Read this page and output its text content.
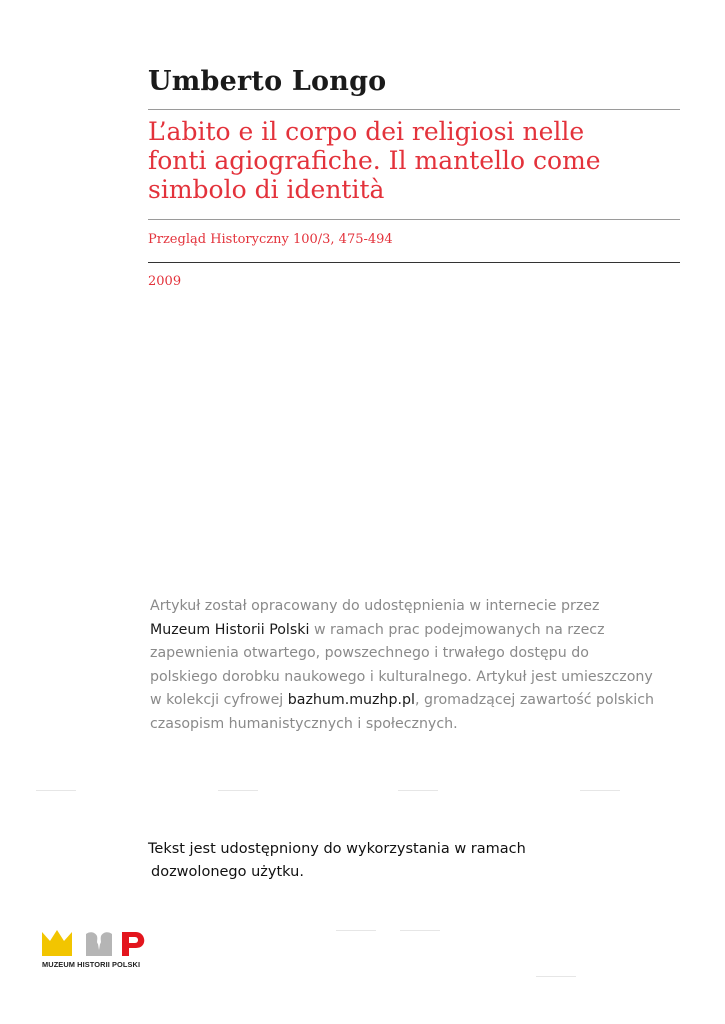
Umberto Longo
L’abito e il corpo dei religiosi nelle
fonti agiografiche. Il mantello come
simbolo di identità
Przegląd Historyczny 100/3, 475-494
2009

Artykuł został opracowany do udostępnienia w internecie przez

Muzeum Historii Polski w ramach prac podejmowanych na rzecz

zapewnienia otwartego, powszechnego i trwałego dostępu do

polskiego dorobku naukowego i kulturalnego. Artykuł jest umieszczony

w kolekcji cyfrowej bazhum.muzhp.pl, gromadzącej zawartość polskich

czasopism humanistycznych i społecznych.

Tekst jest udostępniony do wykorzystania w ramach

dozwolonego użytku.

MUZEUM HISTORII POLSKI
